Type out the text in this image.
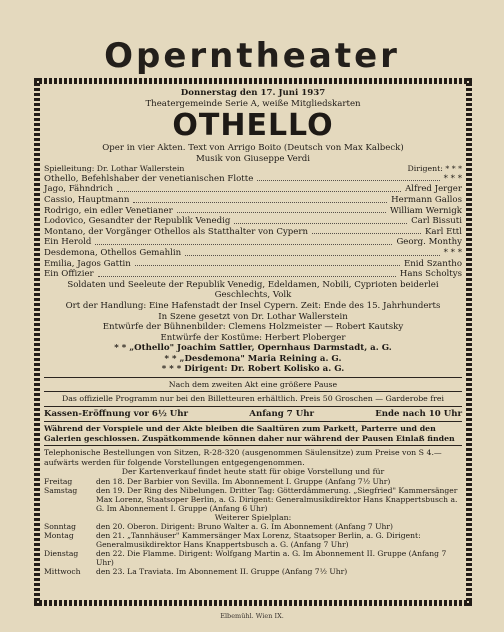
Operntheater
Donnerstag den 17. Juni 1937
Theatergemeinde Serie A, weiße Mitgliedskarten
OTHELLO
Oper in vier Akten. Text von Arrigo Boito (Deutsch von Max Kalbeck)
Musik von Giuseppe Verdi
Spielleitung: Dr. Lothar Wallerstein	Dirigent: * * *
Othello, Befehlshaber der venetianischen Flotte	* * *
Jago, Fähndrich	Alfred Jerger
Cassio, Hauptmann	Hermann Gallos
Rodrigo, ein edler Venetianer	William Wernigk
Lodovico, Gesandter der Republik Venedig	Carl Bissuti
Montano, der Vorgänger Othellos als Statthalter von Cypern	Karl Ettl
Ein Herold	Georg. Monthy
Desdemona, Othellos Gemahlin	* * *
Emilia, Jagos Gattin	Enid Szantho
Ein Offizier	Hans Scholtys
Soldaten und Seeleute der Republik Venedig, Edeldamen, Nobili, Cyprioten beiderlei Geschlechts, Volk
Ort der Handlung: Eine Hafenstadt der Insel Cypern. Zeit: Ende des 15. Jahrhunderts
In Szene gesetzt von Dr. Lothar Wallerstein
Entwürfe der Bühnenbilder: Clemens Holzmeister — Robert Kautsky
Entwürfe der Kostüme: Herbert Ploberger
* * „Othello" Joachim Sattler, Opernhaus Darmstadt, a. G.
* * „Desdemona" Maria Reining a. G.
* * * Dirigent: Dr. Robert Kolisko a. G.
Nach dem zweiten Akt eine größere Pause
Das offizielle Programm nur bei den Billetteuren erhältlich. Preis 50 Groschen — Garderobe frei
Kassen-Eröffnung vor 6½ Uhr	Anfang 7 Uhr	Ende nach 10 Uhr
Während der Vorspiele und der Akte bleiben die Saaltüren zum Parkett, Parterre und den Galerien geschlossen. Zuspätkommende können daher nur während der Pausen Einlaß finden
Telephonische Bestellungen von Sitzen, R-28-320 (ausgenommen Säulensitze) zum Preise von S 4.— aufwärts werden für folgende Vorstellungen entgegengenommen.
Der Kartenverkauf findet heute statt für obige Vorstellung und für
Freitag	den 18. Der Barbier von Sevilla. Im Abonnement I. Gruppe (Anfang 7½ Uhr)
Samstag	den 19. Der Ring des Nibelungen. Dritter Tag: Götterdämmerung. „Siegfried" Kammersänger Max Lorenz, Staatsoper Berlin, a. G. Dirigent: Generalmusikdirektor Hans Knappertsbusch a. G. Im Abonnement I. Gruppe (Anfang 6 Uhr)
Weiterer Spielplan:
Sonntag	den 20. Oberon. Dirigent: Bruno Walter a. G. Im Abonnement (Anfang 7 Uhr)
Montag	den 21. „Tannhäuser" Kammersänger Max Lorenz, Staatsoper Berlin, a. G. Dirigent: Generalmusikdirektor Hans Knappertsbusch a. G. (Anfang 7 Uhr)
Dienstag	den 22. Die Flamme. Dirigent: Wolfgang Martin a. G. Im Abonnement II. Gruppe (Anfang 7 Uhr)
Mittwoch	den 23. La Traviata. Im Abonnement II. Gruppe (Anfang 7½ Uhr)
Elbemühl. Wien IX.
